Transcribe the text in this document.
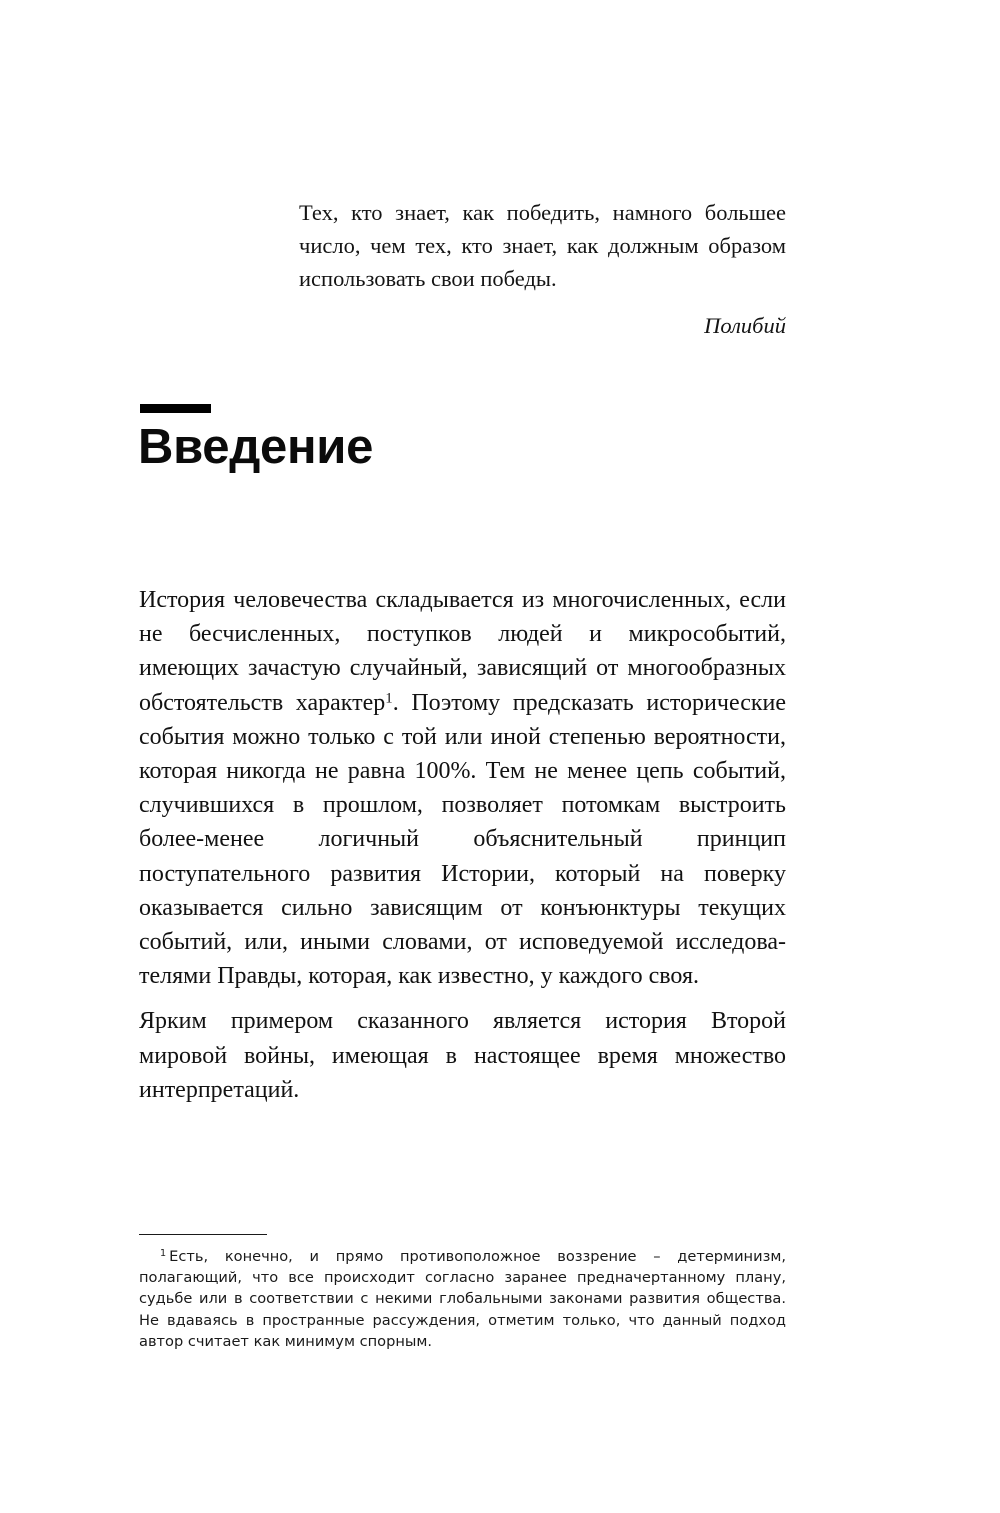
Тех, кто знает, как победить, намного большее число, чем тех, кто знает, как должным образом использовать свои победы.

Полибий

Введение

История человечества складывается из многочисленных, если не бесчисленных, поступков людей и микрособытий, имеющих зачастую случайный, зависящий от многообразных обстоятельств характер$^1$. Поэтому предсказать исторические события можно только с той или иной степенью вероятности, которая никогда не равна 100%. Тем не менее цепь событий, случившихся в прошлом, позволяет потомкам выстроить более-менее логичный объяснительный принцип поступательного развития Истории, который на поверку оказывается сильно зависящим от конъюнктуры текущих событий, или, иными словами, от исповедуемой исследователями Правды, которая, как известно, у каждого своя.

Ярким примером сказанного является история Второй мировой войны, имеющая в настоящее время множество интерпретаций.

$^1$ Есть, конечно, и прямо противоположное воззрение – детерминизм, полагающий, что все происходит согласно заранее предначертанному плану, судьбе или в соответствии с некими глобальными законами развития общества. Не вдаваясь в пространные рассуждения, отметим только, что данный подход автор считает как минимум спорным.
